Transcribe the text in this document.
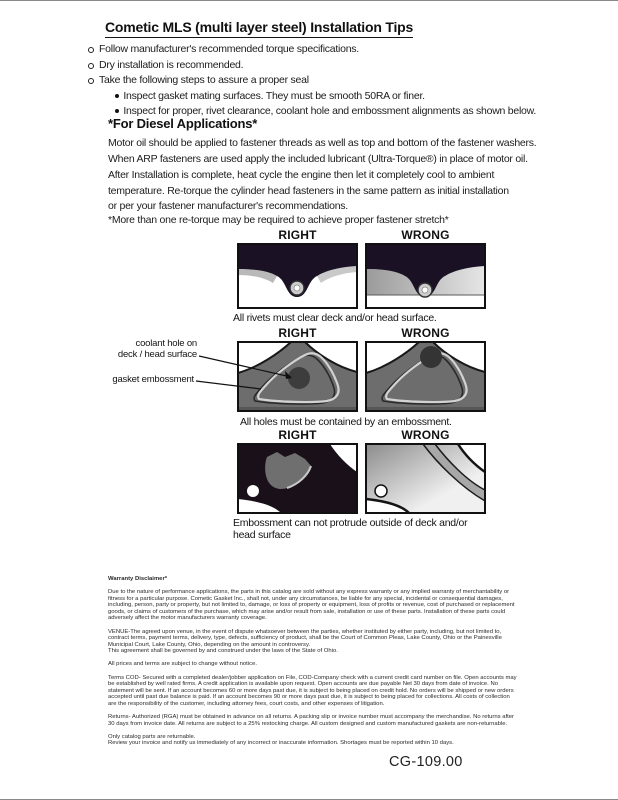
Cometic MLS (multi layer steel) Installation Tips
Follow manufacturer's recommended torque specifications.
Dry installation is recommended.
Take the following steps to assure a proper seal
Inspect gasket mating surfaces. They must be smooth 50RA or finer.
Inspect for proper, rivet clearance, coolant hole and embossment alignments as shown below.
*For Diesel Applications*
Motor oil should be applied to fastener threads as well as top and bottom of the fastener washers.
When ARP fasteners are used apply the included lubricant (Ultra-Torque®) in place of motor oil.
After Installation is complete, heat cycle the engine then let it completely cool to ambient
temperature. Re-torque the cylinder head fasteners in the same pattern as initial installation
or per your fastener manufacturer's recommendations.
*More than one re-torque may be required to achieve proper fastener stretch*
RIGHT	WRONG
All rivets must clear deck and/or head surface.
RIGHT	WRONG
coolant hole on
deck / head surface
gasket embossment
All holes must be contained by an embossment.
RIGHT	WRONG
Embossment can not protrude outside of deck and/or head surface

Warranty Disclaimer*

Due to the nature of performance applications, the parts in this catalog are sold without any express warranty or any implied warranty of merchantability or fitness for a particular purpose. Cometic Gasket Inc., shall not, under any circumstances, be liable for any special, incidental or consequential damages, including, person, party or property, but not limited to, damage, or loss of property or equipment, loss of profits or revenue, cost of purchased or replacement goods, or claims of customers of the purchase, which may arise and/or result from sale, installation or use of these parts. Installation of these parts could adversely affect the motor manufacturers warranty coverage.

VENUE-The agreed upon venue, in the event of dispute whatsoever between the parties, whether instituted by either party, including, but not limited to, contract terms, payment terms, delivery, type, defects, sufficiency of product, shall be the Court of Common Pleas, Lake County, Ohio or the Painesville Municipal Court, Lake County, Ohio, depending on the amount in controversy.

This agreement shall be governed by and construed under the laws of the State of Ohio.

All prices and terms are subject to change without notice.

Terms COD- Secured with a completed dealer/jobber application on File, COD-Company check with a current credit card number on file. Open accounts may be established by well rated firms. A credit application is available upon request. Open accounts are due payable Net 30 days from date of invoice. No statement will be sent. If an account becomes 60 or more days past due, it is subject to being placed on credit hold. No orders will be shipped or new orders accepted until past due balance is paid. If an account becomes 90 or more days past due, it is subject to being placed for collections. All costs of collection are the responsibility of the customer, including attorney fees, court costs, and other expenses of litigation.

Returns- Authorized (RGA) must be obtained in advance on all returns. A packing slip or invoice number must accompany the merchandise. No returns after 30 days from invoice date. All returns are subject to a 25% restocking charge. All custom designed and custom manufactured gaskets are non-returnable.

Only catalog parts are returnable.

Review your invoice and notify us immediately of any incorrect or inaccurate information. Shortages must be reported within 10 days.

CG-109.00
